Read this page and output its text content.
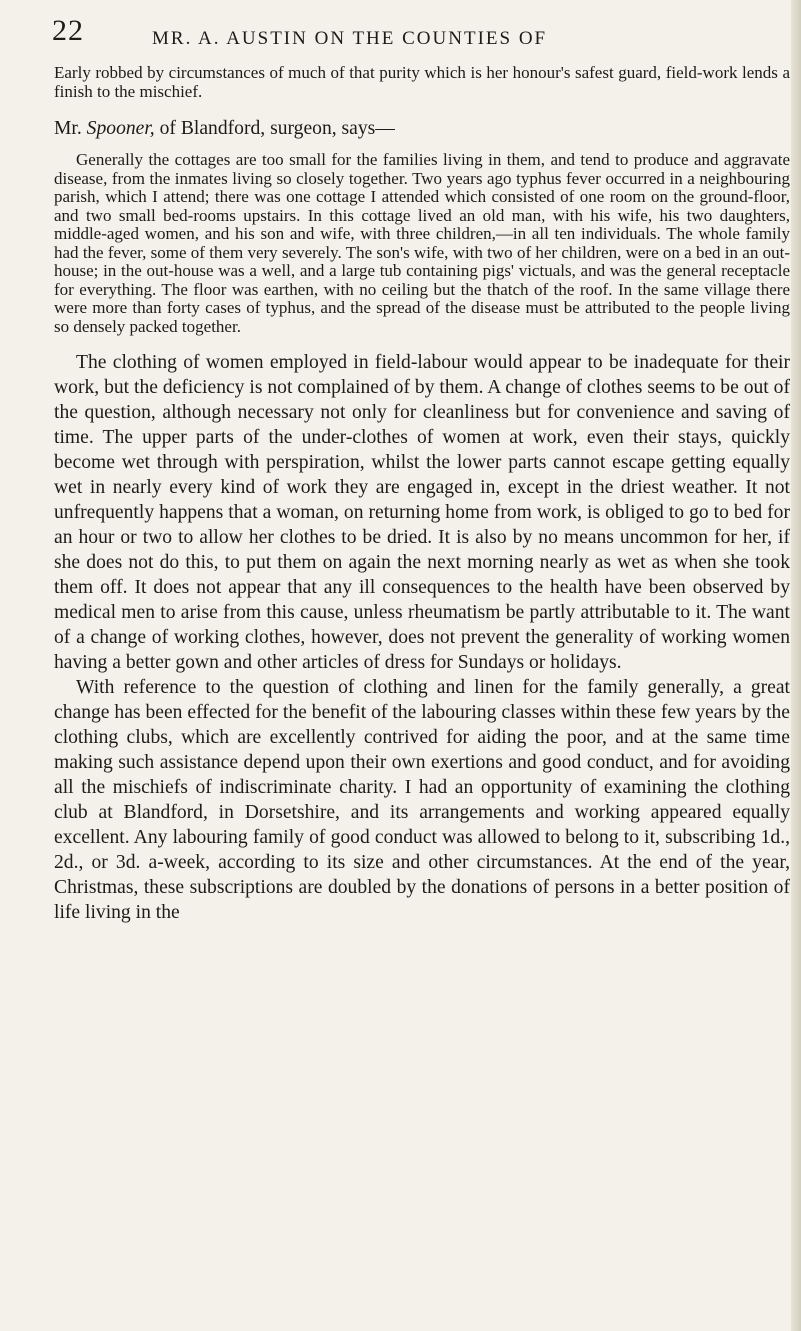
22	MR. A. AUSTIN ON THE COUNTIES OF

Early robbed by circumstances of much of that purity which is her honour's safest guard, field-work lends a finish to the mischief.

Mr. Spooner, of Blandford, surgeon, says—

Generally the cottages are too small for the families living in them, and tend to produce and aggravate disease, from the inmates living so closely together. Two years ago typhus fever occurred in a neighbouring parish, which I attend; there was one cottage I attended which consisted of one room on the ground-floor, and two small bed-rooms upstairs. In this cottage lived an old man, with his wife, his two daughters, middle-aged women, and his son and wife, with three children,—in all ten individuals. The whole family had the fever, some of them very severely. The son's wife, with two of her children, were on a bed in an out-house; in the out-house was a well, and a large tub containing pigs' victuals, and was the general receptacle for everything. The floor was earthen, with no ceiling but the thatch of the roof. In the same village there were more than forty cases of typhus, and the spread of the disease must be attributed to the people living so densely packed together.

The clothing of women employed in field-labour would appear to be inadequate for their work, but the deficiency is not complained of by them. A change of clothes seems to be out of the question, although necessary not only for cleanliness but for convenience and saving of time. The upper parts of the under-clothes of women at work, even their stays, quickly become wet through with perspiration, whilst the lower parts cannot escape getting equally wet in nearly every kind of work they are engaged in, except in the driest weather. It not unfrequently happens that a woman, on returning home from work, is obliged to go to bed for an hour or two to allow her clothes to be dried. It is also by no means uncommon for her, if she does not do this, to put them on again the next morning nearly as wet as when she took them off. It does not appear that any ill consequences to the health have been observed by medical men to arise from this cause, unless rheumatism be partly attributable to it. The want of a change of working clothes, however, does not prevent the generality of working women having a better gown and other articles of dress for Sundays or holidays.

With reference to the question of clothing and linen for the family generally, a great change has been effected for the benefit of the labouring classes within these few years by the clothing clubs, which are excellently contrived for aiding the poor, and at the same time making such assistance depend upon their own exertions and good conduct, and for avoiding all the mischiefs of indiscriminate charity. I had an opportunity of examining the clothing club at Blandford, in Dorsetshire, and its arrangements and working appeared equally excellent. Any labouring family of good conduct was allowed to belong to it, subscribing 1d., 2d., or 3d. a-week, according to its size and other circumstances. At the end of the year, Christmas, these subscriptions are doubled by the donations of persons in a better position of life living in the
